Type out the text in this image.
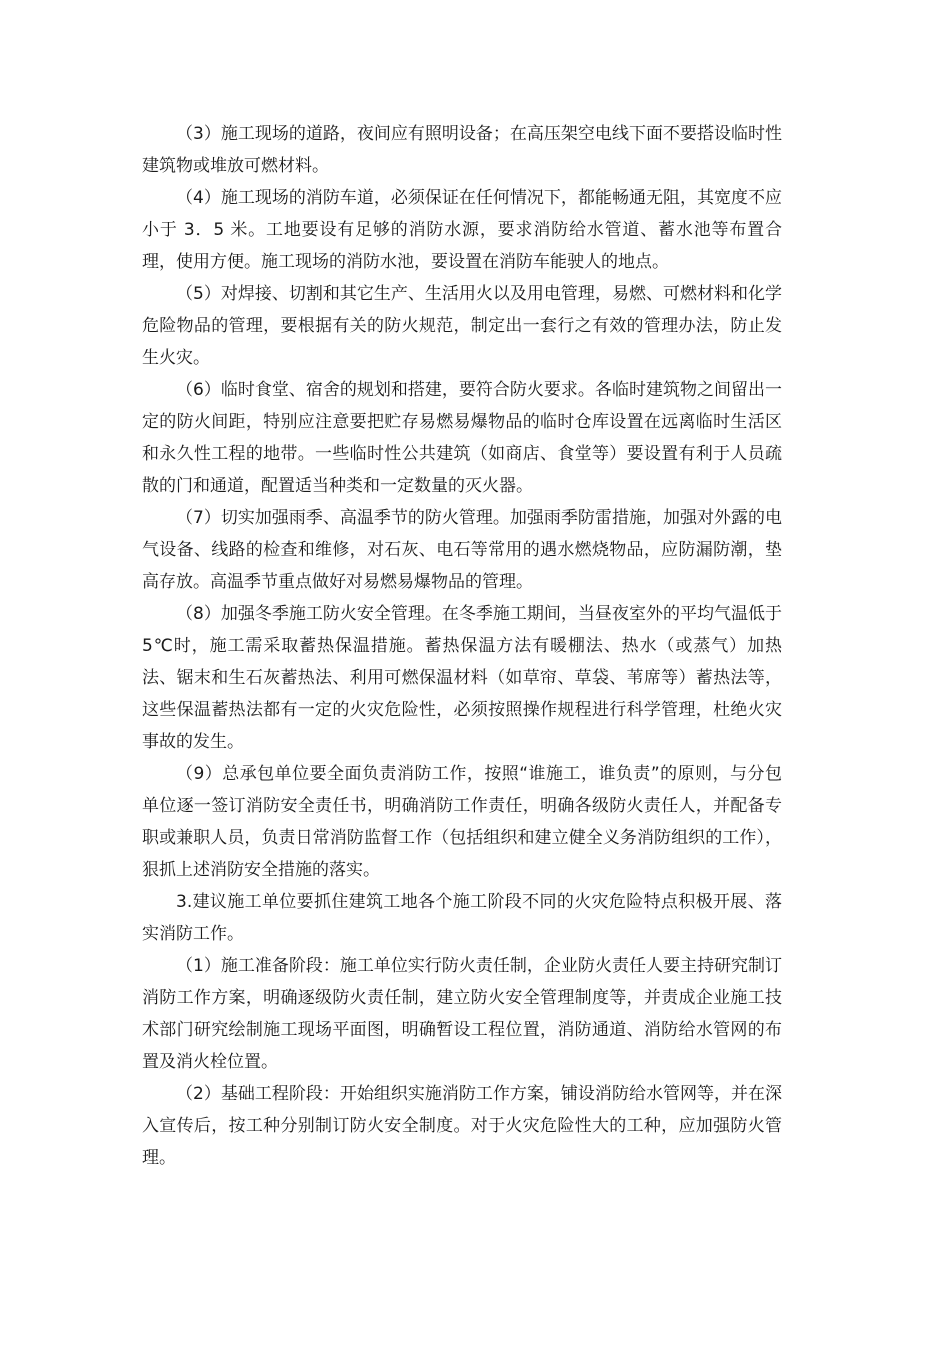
（3）施工现场的道路，夜间应有照明设备；在高压架空电线下面不要搭设临时性建筑物或堆放可燃材料。

（4）施工现场的消防车道，必须保证在任何情况下，都能畅通无阻，其宽度不应小于 3．5 米。工地要设有足够的消防水源，要求消防给水管道、蓄水池等布置合理，使用方便。施工现场的消防水池，要设置在消防车能驶人的地点。

（5）对焊接、切割和其它生产、生活用火以及用电管理，易燃、可燃材料和化学危险物品的管理，要根据有关的防火规范，制定出一套行之有效的管理办法，防止发生火灾。

（6）临时食堂、宿舍的规划和搭建，要符合防火要求。各临时建筑物之间留出一定的防火间距，特别应注意要把贮存易燃易爆物品的临时仓库设置在远离临时生活区和永久性工程的地带。一些临时性公共建筑（如商店、食堂等）要设置有利于人员疏散的门和通道，配置适当种类和一定数量的灭火器。

（7）切实加强雨季、高温季节的防火管理。加强雨季防雷措施，加强对外露的电气设备、线路的检查和维修，对石灰、电石等常用的遇水燃烧物品，应防漏防潮，垫高存放。高温季节重点做好对易燃易爆物品的管理。

（8）加强冬季施工防火安全管理。在冬季施工期间，当昼夜室外的平均气温低于 5℃时，施工需采取蓄热保温措施。蓄热保温方法有暖棚法、热水（或蒸气）加热法、锯末和生石灰蓄热法、利用可燃保温材料（如草帘、草袋、苇席等）蓄热法等，这些保温蓄热法都有一定的火灾危险性，必须按照操作规程进行科学管理，杜绝火灾事故的发生。

（9）总承包单位要全面负责消防工作，按照“谁施工，谁负责”的原则，与分包单位逐一签订消防安全责任书，明确消防工作责任，明确各级防火责任人，并配备专职或兼职人员，负责日常消防监督工作（包括组织和建立健全义务消防组织的工作），狠抓上述消防安全措施的落实。

3.建议施工单位要抓住建筑工地各个施工阶段不同的火灾危险特点积极开展、落实消防工作。

（1）施工准备阶段：施工单位实行防火责任制，企业防火责任人要主持研究制订消防工作方案，明确逐级防火责任制，建立防火安全管理制度等，并责成企业施工技术部门研究绘制施工现场平面图，明确暂设工程位置，消防通道、消防给水管网的布置及消火栓位置。

（2）基础工程阶段：开始组织实施消防工作方案，铺设消防给水管网等，并在深入宣传后，按工种分别制订防火安全制度。对于火灾危险性大的工种，应加强防火管理。
